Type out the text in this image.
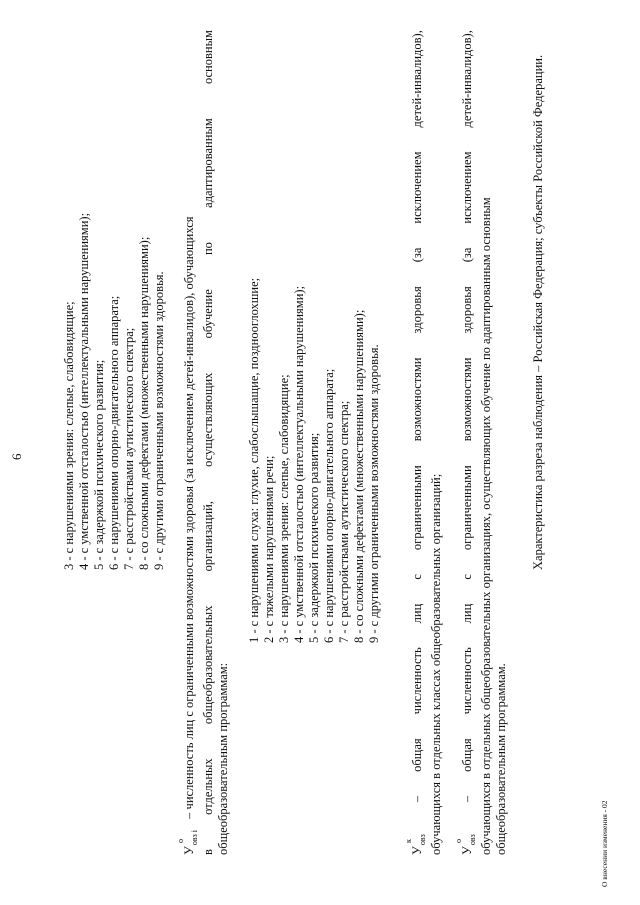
6	3 - с нарушениями зрения: слепые, слабовидящие; 4 - с умственной отсталостью (интеллектуальными нарушениями); 5 - с задержкой психического развития; 6 - с нарушениями опорно-двигательного аппарата; 7 - с расстройствами аутистического спектра; 8 - со сложными дефектами (множественными нарушениями); 9 - с другими ограниченными возможностями здоровья.
У
о $_{овз i}$ – численность лиц с ограниченными возможностями здоровья (за исключением детей-инвалидов), обучающихся
в
отдельных
общеобразовательных
организаций,
осуществляющих
обучение
по
адаптированным
основным
общеобразовательным программам:
1 - с нарушениями слуха: глухие, слабослышащие, позднооглохшие; 2 - с тяжелыми нарушениями речи; 3 - с нарушениями зрения: слепые, слабовидящие; 4 - с умственной отсталостью (интеллектуальными нарушениями); 5 - с задержкой психического развития; 6 - с нарушениями опорно-двигательного аппарата; 7 - с расстройствами аутистического спектра; 8 - со сложными дефектами (множественными нарушениями); 9 - с другими ограниченными возможностями здоровья.
У
к $_{овз}$
–
общая
численность
лиц
с
ограниченными
возможностями
здоровья
(за
исключением
детей-инвалидов),
обучающихся в отдельных классах общеобразовательных организаций; У
о $_{овз}$
–
общая
численность
лиц
с
ограниченными
возможностями
здоровья
(за
исключением
детей-инвалидов),
обучающихся в отдельных общеобразовательных организациях, осуществляющих обучение по адаптированным основным общеобразовательным программам.
Характеристика разреза наблюдения – Российская Федерация; субъекты Российской Федерации.
О внесении изменения - 02
